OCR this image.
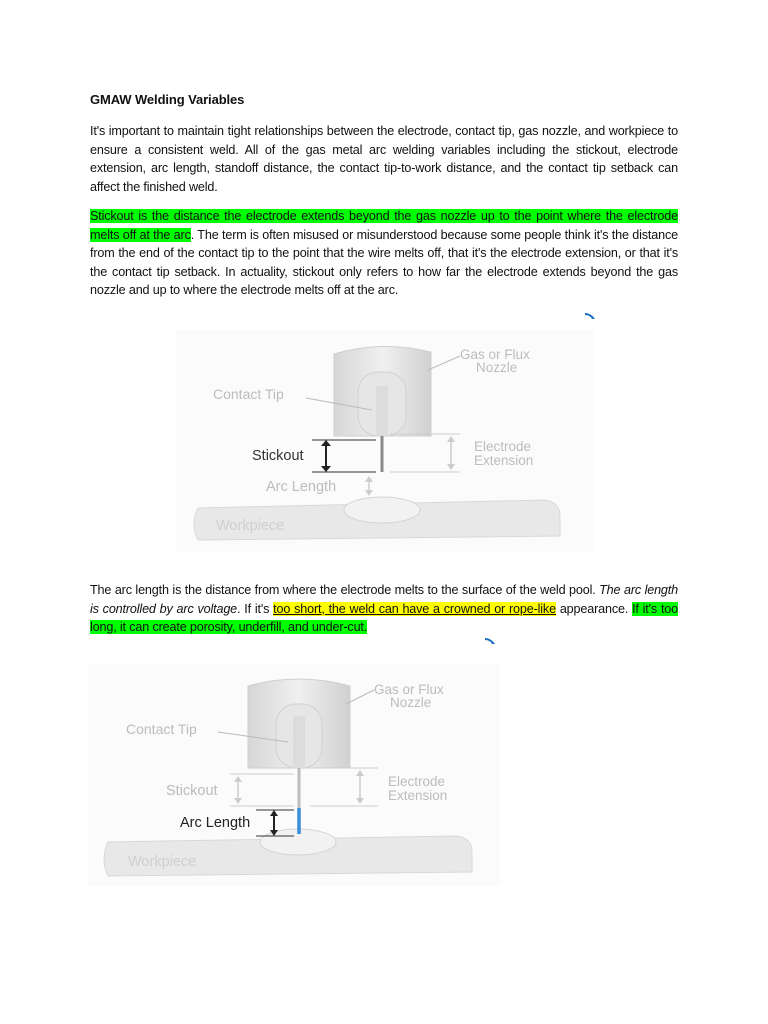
GMAW Welding Variables

It's important to maintain tight relationships between the electrode, contact tip, gas nozzle, and workpiece to ensure a consistent weld. All of the gas metal arc welding variables including the stickout, electrode extension, arc length, standoff distance, the contact tip-to-work distance, and the contact tip setback can affect the finished weld.

Stickout is the distance the electrode extends beyond the gas nozzle up to the point where the electrode melts off at the arc. The term is often misused or misunderstood because some people think it's the distance from the end of the contact tip to the point that the wire melts off, that it's the electrode extension, or that it's the contact tip setback. In actuality, stickout only refers to how far the electrode extends beyond the gas nozzle and up to where the electrode melts off at the arc.

Gas or Flux
Nozzle
Contact Tip
Stickout
Electrode
Extension
Arc Length
Workpiece

The arc length is the distance from where the electrode melts to the surface of the weld pool. The arc length is controlled by arc voltage. If it's too short, the weld can have a crowned or rope-like appearance. If it's too long, it can create porosity, underfill, and under-cut.

Gas or Flux
Nozzle
Contact Tip
Stickout
Electrode
Extension
Arc Length
Workpiece
